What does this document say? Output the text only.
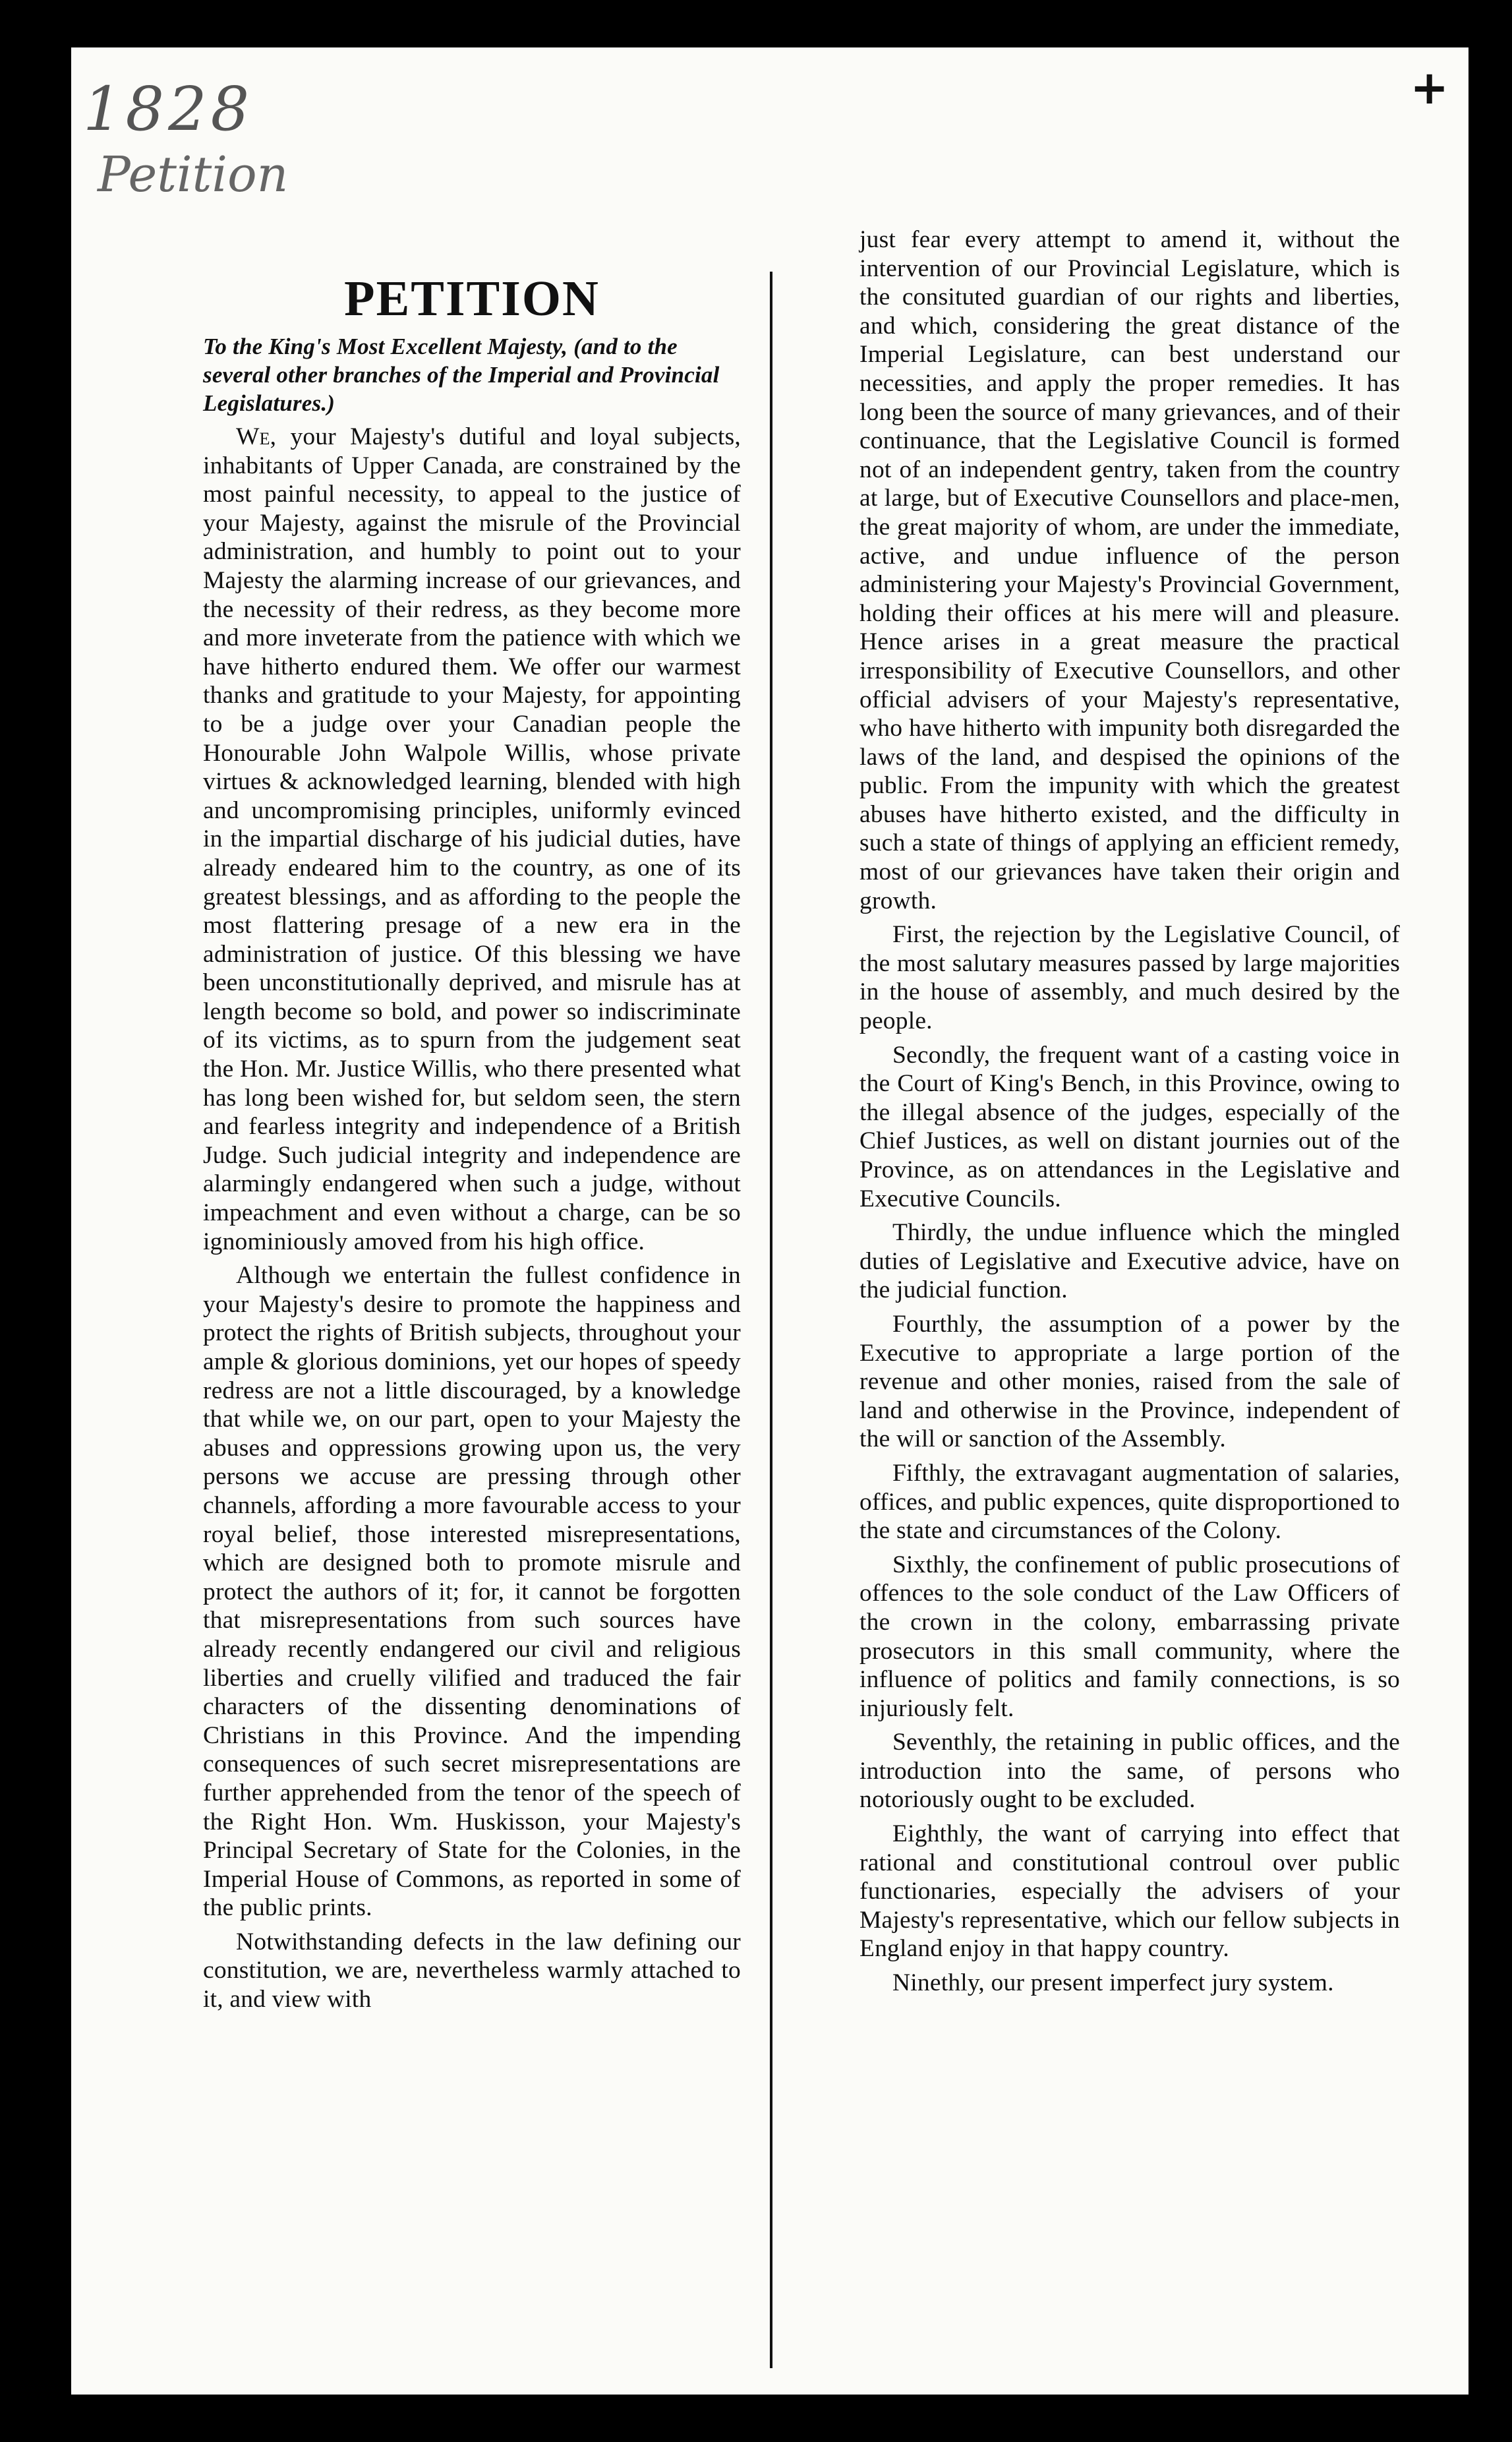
1828
Petition
+
PETITION
To the King's Most Excellent Majesty, (and to the several other branches of the Imperial and Provincial Legislatures.)

We, your Majesty's dutiful and loyal subjects, inhabitants of Upper Canada, are constrained by the most painful necessity, to appeal to the justice of your Majesty, against the misrule of the Provincial administration, and humbly to point out to your Majesty the alarming increase of our grievances, and the necessity of their redress, as they become more and more inveterate from the patience with which we have hitherto endured them. We offer our warmest thanks and gratitude to your Majesty, for appointing to be a judge over your Canadian people the Honourable John Walpole Willis, whose private virtues & acknowledged learning, blended with high and uncompromising principles, uniformly evinced in the impartial discharge of his judicial duties, have already endeared him to the country, as one of its greatest blessings, and as affording to the people the most flattering presage of a new era in the administration of justice. Of this blessing we have been unconstitutionally deprived, and misrule has at length become so bold, and power so indiscriminate of its victims, as to spurn from the judgement seat the Hon. Mr. Justice Willis, who there presented what has long been wished for, but seldom seen, the stern and fearless integrity and independence of a British Judge. Such judicial integrity and independence are alarmingly endangered when such a judge, without impeachment and even without a charge, can be so ignominiously amoved from his high office.

Although we entertain the fullest confidence in your Majesty's desire to promote the happiness and protect the rights of British subjects, throughout your ample & glorious dominions, yet our hopes of speedy redress are not a little discouraged, by a knowledge that while we, on our part, open to your Majesty the abuses and oppressions growing upon us, the very persons we accuse are pressing through other channels, affording a more favourable access to your royal belief, those interested misrepresentations, which are designed both to promote misrule and protect the authors of it; for, it cannot be forgotten that misrepresentations from such sources have already recently endangered our civil and religious liberties and cruelly vilified and traduced the fair characters of the dissenting denominations of Christians in this Province. And the impending consequences of such secret misrepresentations are further apprehended from the tenor of the speech of the Right Hon. Wm. Huskisson, your Majesty's Principal Secretary of State for the Colonies, in the Imperial House of Commons, as reported in some of the public prints.

Notwithstanding defects in the law defining our constitution, we are, nevertheless warmly attached to it, and view with

just fear every attempt to amend it, without the intervention of our Provincial Legislature, which is the consituted guardian of our rights and liberties, and which, considering the great distance of the Imperial Legislature, can best understand our necessities, and apply the proper remedies. It has long been the source of many grievances, and of their continuance, that the Legislative Council is formed not of an independent gentry, taken from the country at large, but of Executive Counsellors and place-men, the great majority of whom, are under the immediate, active, and undue influence of the person administering your Majesty's Provincial Government, holding their offices at his mere will and pleasure. Hence arises in a great measure the practical irresponsibility of Executive Counsellors, and other official advisers of your Majesty's representative, who have hitherto with impunity both disregarded the laws of the land, and despised the opinions of the public. From the impunity with which the greatest abuses have hitherto existed, and the difficulty in such a state of things of applying an efficient remedy, most of our grievances have taken their origin and growth.

First, the rejection by the Legislative Council, of the most salutary measures passed by large majorities in the house of assembly, and much desired by the people.

Secondly, the frequent want of a casting voice in the Court of King's Bench, in this Province, owing to the illegal absence of the judges, especially of the Chief Justices, as well on distant journies out of the Province, as on attendances in the Legislative and Executive Councils.

Thirdly, the undue influence which the mingled duties of Legislative and Executive advice, have on the judicial function.

Fourthly, the assumption of a power by the Executive to appropriate a large portion of the revenue and other monies, raised from the sale of land and otherwise in the Province, independent of the will or sanction of the Assembly.

Fifthly, the extravagant augmentation of salaries, offices, and public expences, quite disproportioned to the state and circumstances of the Colony.

Sixthly, the confinement of public prosecutions of offences to the sole conduct of the Law Officers of the crown in the colony, embarrassing private prosecutors in this small community, where the influence of politics and family connections, is so injuriously felt.

Seventhly, the retaining in public offices, and the introduction into the same, of persons who notoriously ought to be excluded.

Eighthly, the want of carrying into effect that rational and constitutional controul over public functionaries, especially the advisers of your Majesty's representative, which our fellow subjects in England enjoy in that happy country.

Ninethly, our present imperfect jury system.
